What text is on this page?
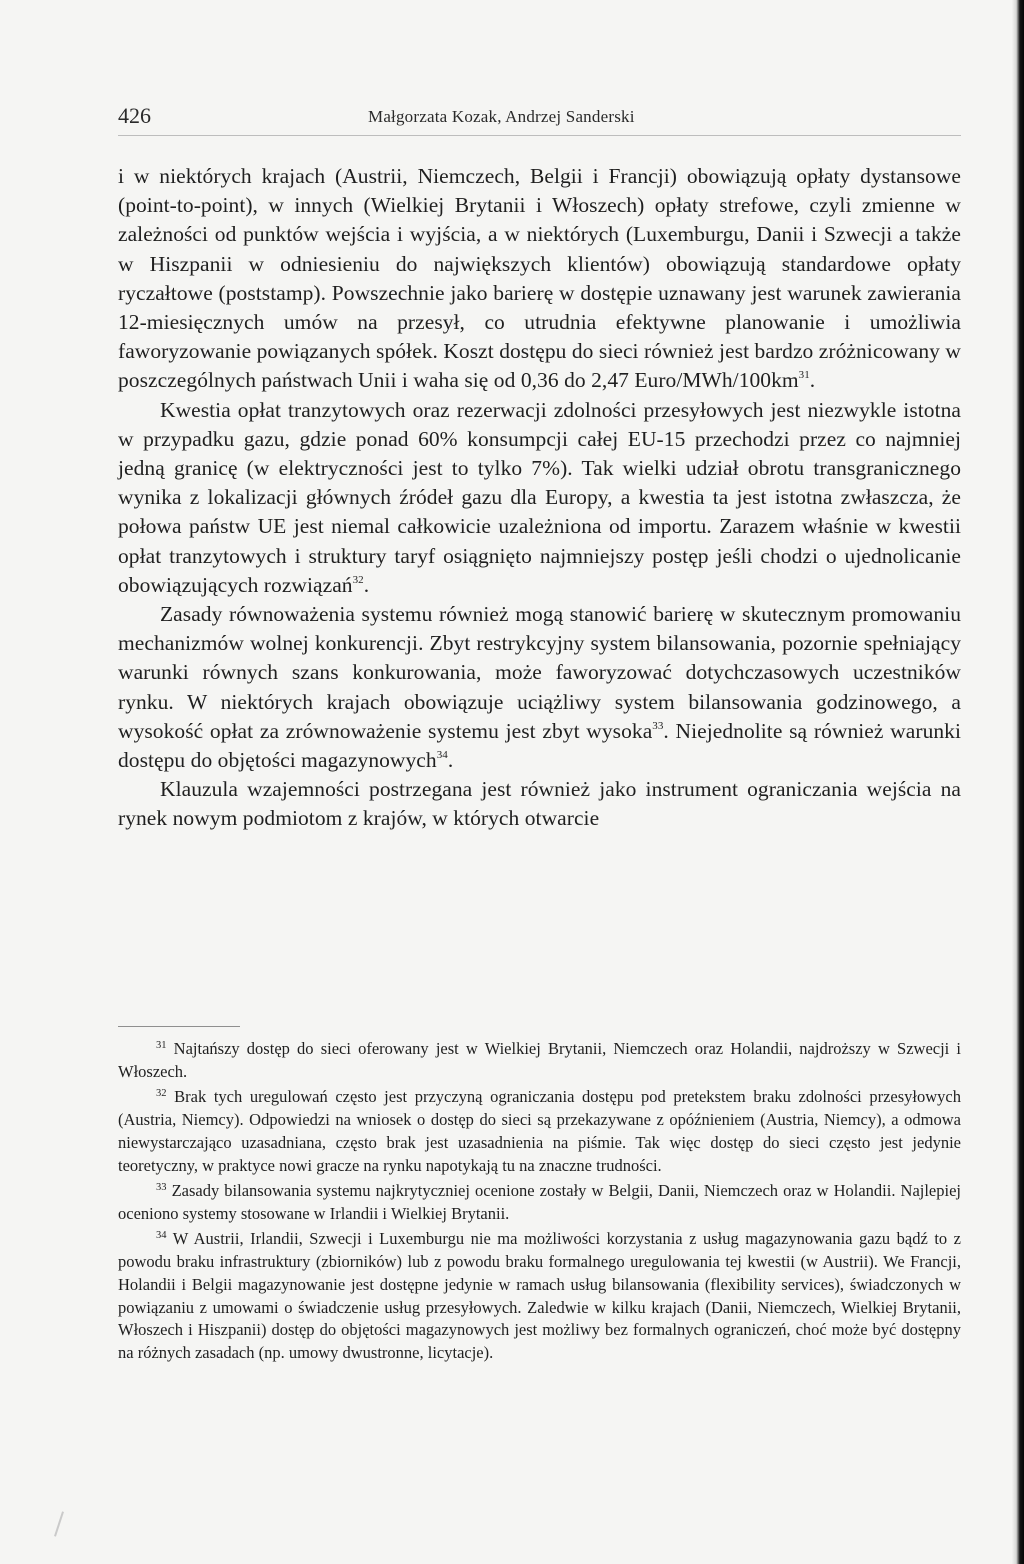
426	Małgorzata Kozak, Andrzej Sanderski

i w niektórych krajach (Austrii, Niemczech, Belgii i Francji) obowiązują opłaty dystansowe (point-to-point), w innych (Wielkiej Brytanii i Włoszech) opłaty strefowe, czyli zmienne w zależności od punktów wejścia i wyjścia, a w niektórych (Luxemburgu, Danii i Szwecji a także w Hiszpanii w odniesieniu do największych klientów) obowiązują standardowe opłaty ryczałtowe (poststamp). Powszechnie jako barierę w dostępie uznawany jest warunek zawierania 12-miesięcznych umów na przesył, co utrudnia efektywne planowanie i umożliwia faworyzowanie powiązanych spółek. Koszt dostępu do sieci również jest bardzo zróżnicowany w poszczególnych państwach Unii i waha się od 0,36 do 2,47 Euro/$MWh/100km^{31}$.

Kwestia opłat tranzytowych oraz rezerwacji zdolności przesyłowych jest niezwykle istotna w przypadku gazu, gdzie ponad 60% konsumpcji całej EU-15 przechodzi przez co najmniej jedną granicę (w elektryczności jest to tylko 7%). Tak wielki udział obrotu transgranicznego wynika z lokalizacji głównych źródeł gazu dla Europy, a kwestia ta jest istotna zwłaszcza, że połowa państw UE jest niemal całkowicie uzależniona od importu. Zarazem właśnie w kwestii opłat tranzytowych i struktury taryf osiągnięto najmniejszy postęp jeśli chodzi o ujednolicanie obowiązujących rozwiązań$^{32}$.

Zasady równoważenia systemu również mogą stanowić barierę w skutecznym promowaniu mechanizmów wolnej konkurencji. Zbyt restrykcyjny system bilansowania, pozornie spełniający warunki równych szans konkurowania, może faworyzować dotychczasowych uczestników rynku. W niektórych krajach obowiązuje uciążliwy system bilansowania godzinowego, a wysokość opłat za zrównoważenie systemu jest zbyt wysoka$^{33}$. Niejednolite są również warunki dostępu do objętości magazynowych$^{34}$.

Klauzula wzajemności postrzegana jest również jako instrument ograniczania wejścia na rynek nowym podmiotom z krajów, w których otwarcie

$^{31}$ Najtańszy dostęp do sieci oferowany jest w Wielkiej Brytanii, Niemczech oraz Holandii, najdroższy w Szwecji i Włoszech.

$^{32}$ Brak tych uregulowań często jest przyczyną ograniczania dostępu pod pretekstem braku zdolności przesyłowych (Austria, Niemcy). Odpowiedzi na wniosek o dostęp do sieci są przekazywane z opóźnieniem (Austria, Niemcy), a odmowa niewystarczająco uzasadniana, często brak jest uzasadnienia na piśmie. Tak więc dostęp do sieci często jest jedynie teoretyczny, w praktyce nowi gracze na rynku napotykają tu na znaczne trudności.

$^{33}$ Zasady bilansowania systemu najkrytyczniej ocenione zostały w Belgii, Danii, Niemczech oraz w Holandii. Najlepiej oceniono systemy stosowane w Irlandii i Wielkiej Brytanii.

$^{34}$ W Austrii, Irlandii, Szwecji i Luxemburgu nie ma możliwości korzystania z usług magazynowania gazu bądź to z powodu braku infrastruktury (zbiorników) lub z powodu braku formalnego uregulowania tej kwestii (w Austrii). We Francji, Holandii i Belgii magazynowanie jest dostępne jedynie w ramach usług bilansowania (flexibility services), świadczonych w powiązaniu z umowami o świadczenie usług przesyłowych. Zaledwie w kilku krajach (Danii, Niemczech, Wielkiej Brytanii, Włoszech i Hiszpanii) dostęp do objętości magazynowych jest możliwy bez formalnych ograniczeń, choć może być dostępny na różnych zasadach (np. umowy dwustronne, licytacje).
